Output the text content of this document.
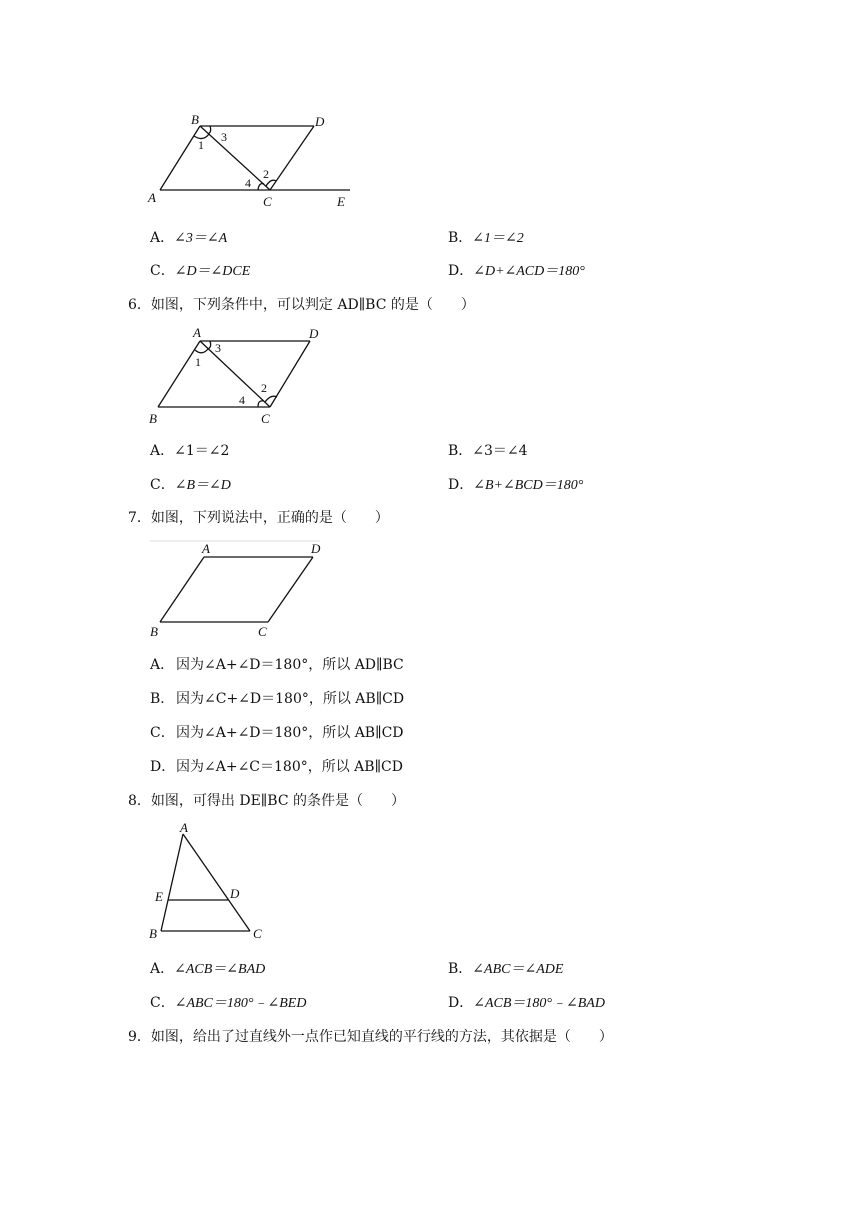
B	D
A	C	E
1
3
2
4
A．∠3＝∠A	B．∠1＝∠2
C．∠D＝∠DCE	D．∠D+∠ACD＝180°
6．如图，下列条件中，可以判定 AD∥BC 的是（　　）
A	D
B	C
1
3
2
4
A．∠1＝∠2	B．∠3＝∠4
C．∠B＝∠D	D．∠B+∠BCD＝180°
7．如图，下列说法中，正确的是（　　）
A	D
B	C
A． 因为∠A+∠D＝180°，所以 AD∥BC
B． 因为∠C+∠D＝180°，所以 AB∥CD
C． 因为∠A+∠D＝180°，所以 AB∥CD
D． 因为∠A+∠C＝180°，所以 AB∥CD
8．如图，可得出 DE∥BC 的条件是（　　）
A
E	D
B	C
A．∠ACB＝∠BAD	B．∠ABC＝∠ADE
C．∠ABC＝180°﹣∠BED	D．∠ACB＝180°﹣∠BAD
9．如图，给出了过直线外一点作已知直线的平行线的方法，其依据是（　　）
